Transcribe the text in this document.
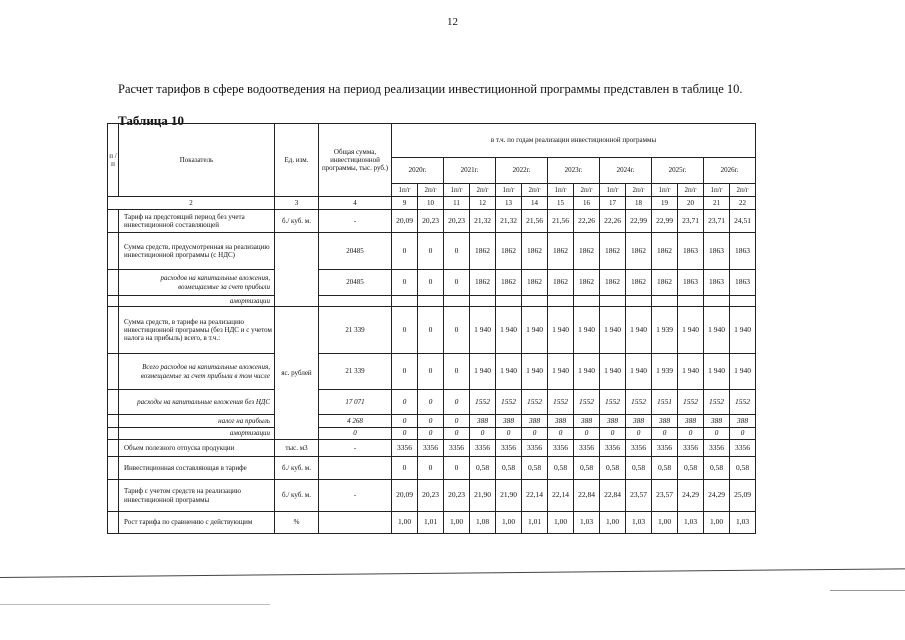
12
Расчет тарифов в сфере водоотведения на период реализации инвестиционной программы представлен в таблице 10.
Таблица 10
п / п	Показатель	Ед. изм.	Общая сумма, инвестиционной программы, тыс. руб.)	в т.ч. по годам реализации инвестиционной программы													
				2020г.		2021г.		2022г.		2023г.		2024г.		2025г.		2026г.	
				1п/г	2п/г	1п/г	2п/г	1п/г	2п/г	1п/г	2п/г	1п/г	2п/г	1п/г	2п/г	1п/г	2п/г
2		3	4	9	10	11	12	13	14	15	16	17	18	19	20	21	22
	Тариф на предстоящий период без учета инвестиционной составляющей	б./ куб. м.	-	20,09	20,23	20,23	21,32	21,32	21,56	21,56	22,26	22,26	22,99	22,99	23,71	23,71	24,51
	Сумма средств, предусмотренная на реализацию инвестиционной программы (с НДС)		20485	0	0	0	1862	1862	1862	1862	1862	1862	1862	1862	1863	1863	1863
	расходов на капитальные вложения, возмещаемые за счет прибыли		20485	0	0	0	1862	1862	1862	1862	1862	1862	1862	1862	1863	1863	1863
	амортизации																
	Сумма средств, в тарифе на реализацию инвестиционной программы (без НДС и с учетом налога на прибыль) всего, в т.ч.:	яс. рублей	21 339	0	0	0	1 940	1 940	1 940	1 940	1 940	1 940	1 940	1 939	1 940	1 940	1 940
	Всего расходов на капитальные вложения, возмещаемые за счет прибыли в том числе		21 339	0	0	0	1 940	1 940	1 940	1 940	1 940	1 940	1 940	1 939	1 940	1 940	1 940
	расходы на капитальные вложения без НДС		17 071	0	0	0	1552	1552	1552	1552	1552	1552	1552	1551	1552	1552	1552
	налог на прибыль		4 268	0	0	0	388	388	388	388	388	388	388	388	388	388	388
	амортизации		0	0	0	0	0	0	0	0	0	0	0	0	0	0	0
	Объем полезного отпуска продукции	тыс. м3	-	3356	3356	3356	3356	3356	3356	3356	3356	3356	3356	3356	3356	3356	3356
	Инвестиционная составляющая в тарифе	б./ куб. м.		0	0	0	0,58	0,58	0,58	0,58	0,58	0,58	0,58	0,58	0,58	0,58	0,58
	Тариф с учетом средств на реализацию инвестиционной программы	б./ куб. м.	-	20,09	20,23	20,23	21,90	21,90	22,14	22,14	22,84	22,84	23,57	23,57	24,29	24,29	25,09
	Рост тарифа по сравнению с действующим	%		1,00	1,01	1,00	1,08	1,00	1,01	1,00	1,03	1,00	1,03	1,00	1,03	1,00	1,03
